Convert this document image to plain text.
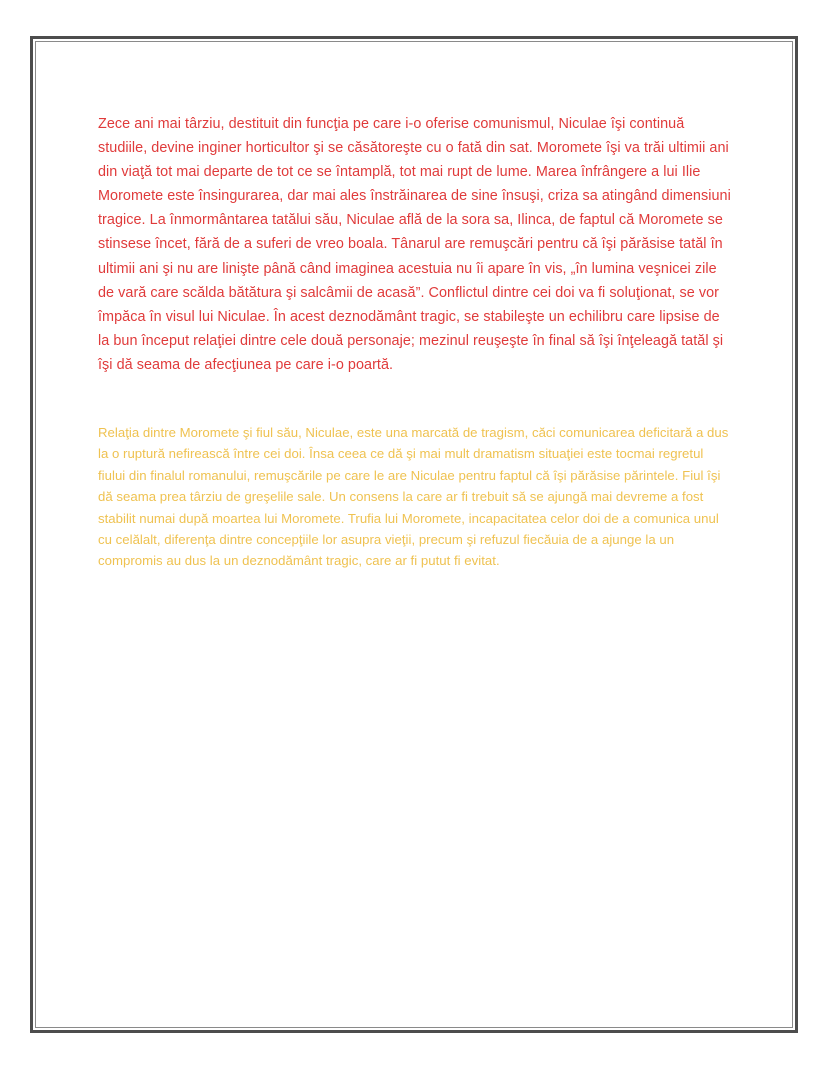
Zece ani mai târziu, destituit din funcţia pe care i-o oferise comunismul, Niculae îşi continuă studiile, devine inginer horticultor şi se căsătoreşte cu o fată din sat. Moromete îşi va trăi ultimii ani din viaţă tot mai departe de tot ce se întamplă, tot mai rupt de lume. Marea înfrângere a lui Ilie Moromete este însingurarea, dar mai ales înstrăinarea de sine însuşi, criza sa atingând dimensiuni tragice. La înmormântarea tatălui său, Niculae află de la sora sa, Ilinca, de faptul că Moromete se stinsese încet, fără de a suferi de vreo boala. Tânarul are remuşcări pentru că îşi părăsise tatăl în ultimii ani şi nu are linişte până când imaginea acestuia nu îi apare în vis, „în lumina veşnicei zile de vară care scălda bătătura şi salcâmii de acasă”. Conflictul dintre cei doi va fi soluţionat, se vor împăca în visul lui Niculae. În acest deznodământ tragic, se stabileşte un echilibru care lipsise de la bun început relaţiei dintre cele două personaje; mezinul reuşeşte în final să îşi înţeleagă tatăl şi îşi dă seama de afecţiunea pe care i-o poartă.

Relaţia dintre Moromete şi fiul său, Niculae, este una marcată de tragism, căci comunicarea deficitară a dus la o ruptură nefirească între cei doi. Însa ceea ce dă şi mai mult dramatism situaţiei este tocmai regretul fiului din finalul romanului, remuşcările pe care le are Niculae pentru faptul că îşi părăsise părintele. Fiul îşi dă seama prea târziu de greşelile sale. Un consens la care ar fi trebuit să se ajungă mai devreme a fost stabilit numai după moartea lui Moromete. Trufia lui Moromete, incapacitatea celor doi de a comunica unul cu celălalt, diferenţa dintre concepţiile lor asupra vieţii, precum şi refuzul fiecăuia de a ajunge la un compromis au dus la un deznodământ tragic, care ar fi putut fi evitat.
